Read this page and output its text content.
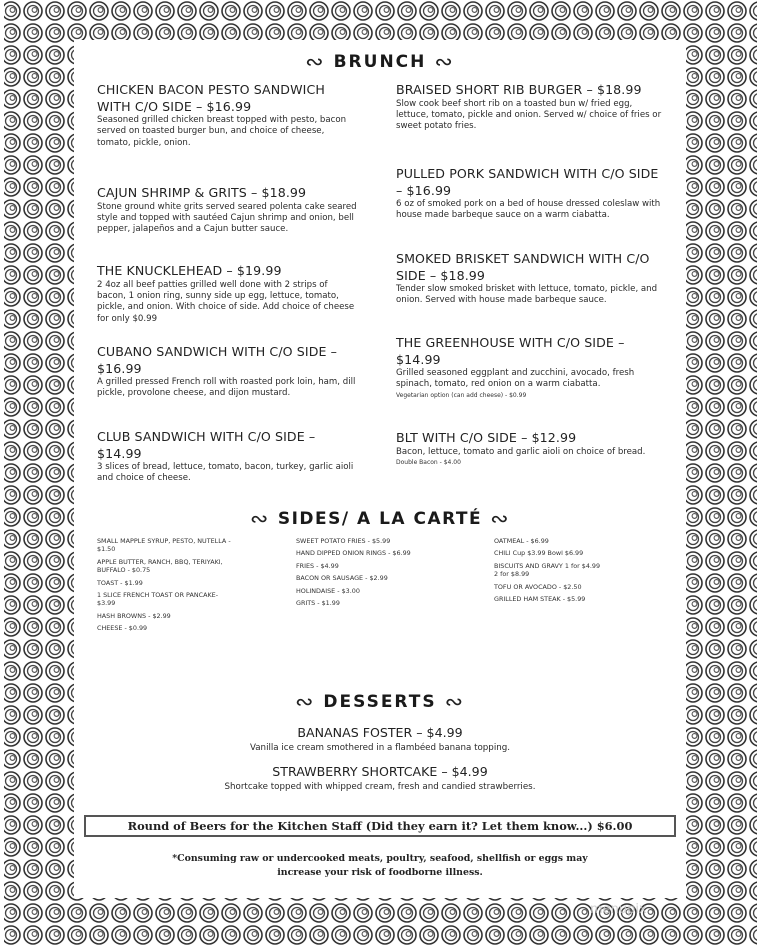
∾ BRUNCH ∾
CHICKEN BACON PESTO SANDWICH WITH C/O SIDE – $16.99
Seasoned grilled chicken breast topped with pesto, bacon served on toasted burger bun, and choice of cheese, tomato, pickle, onion.
CAJUN SHRIMP & GRITS – $18.99
Stone ground white grits served seared polenta cake seared style and topped with sautéed Cajun shrimp and onion, bell pepper, jalapeños and a Cajun butter sauce.
THE KNUCKLEHEAD – $19.99
2 4oz all beef patties grilled well done with 2 strips of bacon, 1 onion ring, sunny side up egg, lettuce, tomato, pickle, and onion. With choice of side. Add choice of cheese for only $0.99
CUBANO SANDWICH WITH C/O SIDE – $16.99
A grilled pressed French roll with roasted pork loin, ham, dill pickle, provolone cheese, and dijon mustard.
CLUB SANDWICH WITH C/O SIDE – $14.99
3 slices of bread, lettuce, tomato, bacon, turkey, garlic aioli and choice of cheese.
BRAISED SHORT RIB BURGER – $18.99
Slow cook beef short rib on a toasted bun w/ fried egg, lettuce, tomato, pickle and onion. Served w/ choice of fries or sweet potato fries.
PULLED PORK SANDWICH WITH C/O SIDE – $16.99
6 oz of smoked pork on a bed of house dressed coleslaw with house made barbeque sauce on a warm ciabatta.
SMOKED BRISKET SANDWICH WITH C/O SIDE – $18.99
Tender slow smoked brisket with lettuce, tomato, pickle, and onion. Served with house made barbeque sauce.
THE GREENHOUSE WITH C/O SIDE – $14.99
Grilled seasoned eggplant and zucchini, avocado, fresh spinach, tomato, red onion on a warm ciabatta.
Vegetarian option (can add cheese) - $0.99
BLT WITH C/O SIDE – $12.99
Bacon, lettuce, tomato and garlic aioli on choice of bread.
Double Bacon - $4.00
∾ SIDES/ A LA CARTÉ ∾
SMALL MAPPLE SYRUP, PESTO, NUTELLA - $1.50
APPLE BUTTER, RANCH, BBQ, TERIYAKI, BUFFALO - $0.75
TOAST - $1.99
1 SLICE FRENCH TOAST OR PANCAKE- $3.99
HASH BROWNS - $2.99
CHEESE - $0.99
SWEET POTATO FRIES - $5.99
HAND DIPPED ONION RINGS - $6.99
FRIES - $4.99
BACON OR SAUSAGE - $2.99
HOLINDAISE - $3.00
GRITS - $1.99
OATMEAL - $6.99
CHILI Cup $3.99 Bowl $6.99
BISCUITS AND GRAVY 1 for $4.99 2 for $8.99
TOFU OR AVOCADO - $2.50
GRILLED HAM STEAK - $5.99
∾ DESSERTS ∾
BANANAS FOSTER – $4.99
Vanilla ice cream smothered in a flambéed banana topping.
STRAWBERRY SHORTCAKE – $4.99
Shortcake topped with whipped cream, fresh and candied strawberries.
Round of Beers for the Kitchen Staff (Did they earn it? Let them know...) $6.00
*Consuming raw or undercooked meats, poultry, seafood, shellfish or eggs may
increase your risk of foodborne illness.
menupix
